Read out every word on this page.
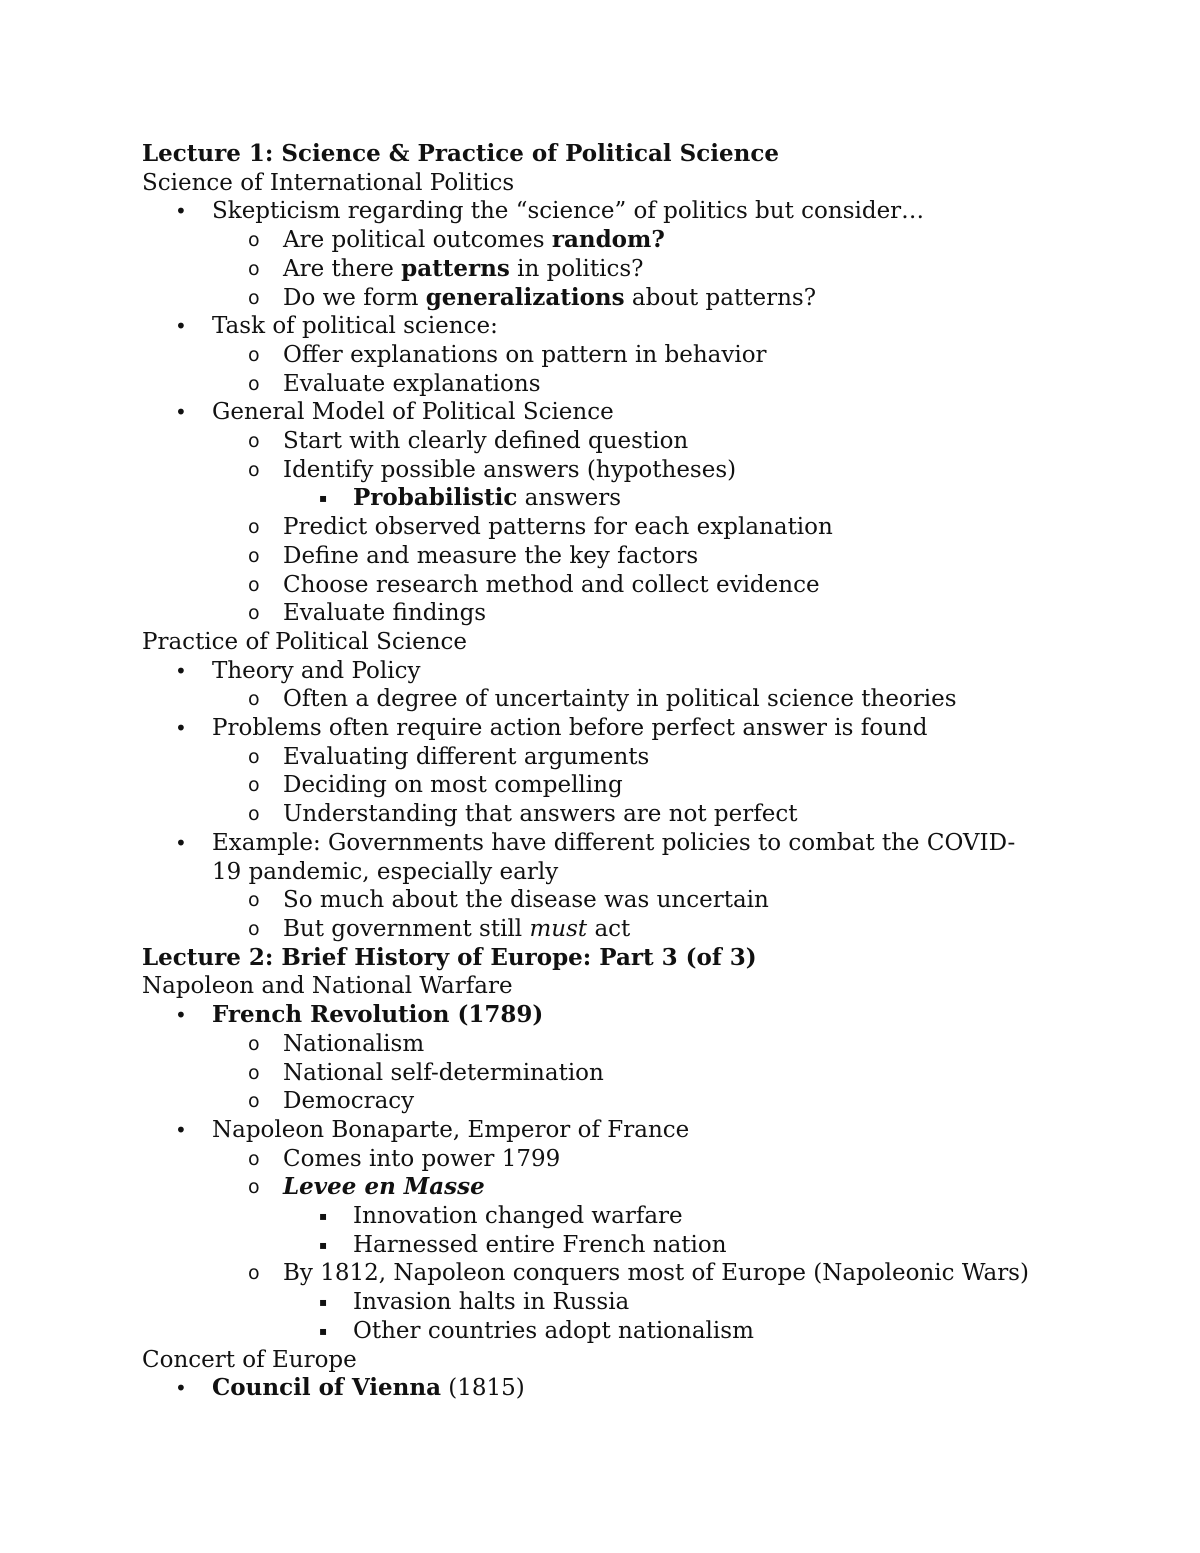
Lecture 1: Science & Practice of Political Science
Science of International Politics
• Skepticism regarding the “science” of politics but consider…
o Are political outcomes random?
o Are there patterns in politics?
o Do we form generalizations about patterns?
• Task of political science:
o Offer explanations on pattern in behavior
o Evaluate explanations
• General Model of Political Science
o Start with clearly defined question
o Identify possible answers (hypotheses)
▪ Probabilistic answers
o Predict observed patterns for each explanation
o Define and measure the key factors
o Choose research method and collect evidence
o Evaluate findings
Practice of Political Science
• Theory and Policy
o Often a degree of uncertainty in political science theories
• Problems often require action before perfect answer is found
o Evaluating different arguments
o Deciding on most compelling
o Understanding that answers are not perfect
• Example: Governments have different policies to combat the COVID-
19 pandemic, especially early
o So much about the disease was uncertain
o But government still must act
Lecture 2: Brief History of Europe: Part 3 (of 3)
Napoleon and National Warfare
• French Revolution (1789)
o Nationalism
o National self-determination
o Democracy
• Napoleon Bonaparte, Emperor of France
o Comes into power 1799
o Levee en Masse
▪ Innovation changed warfare
▪ Harnessed entire French nation
o By 1812, Napoleon conquers most of Europe (Napoleonic Wars)
▪ Invasion halts in Russia
▪ Other countries adopt nationalism
Concert of Europe
• Council of Vienna (1815)
